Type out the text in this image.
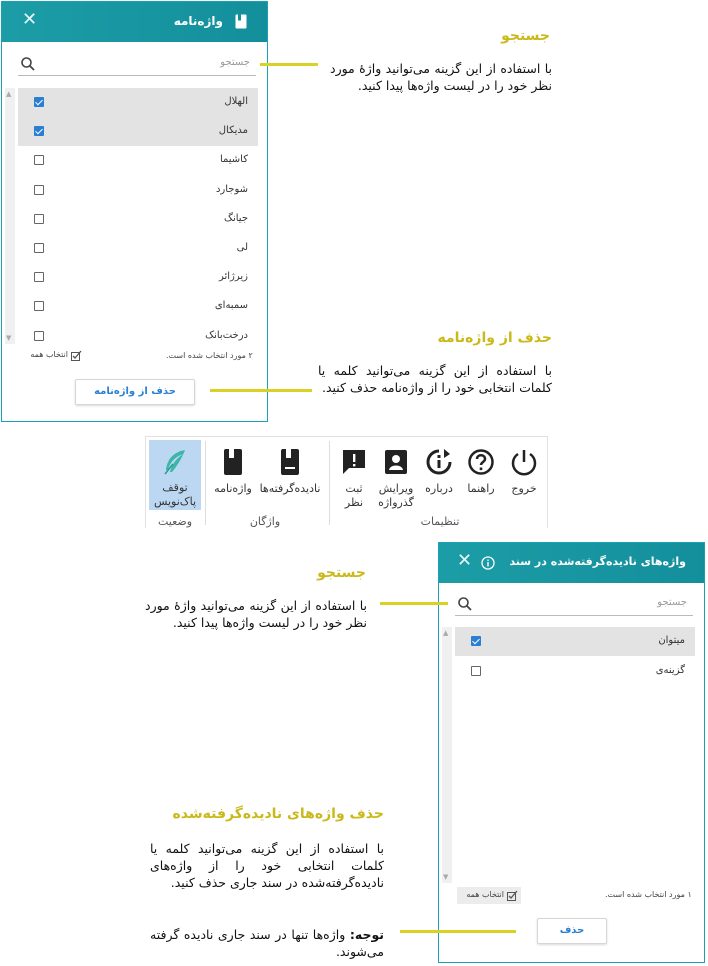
واژه‌نامه
✕
جستجو
▲
▼
الهلال
مدیکال
کاشیما
شوجارد
جیانگ
لی
زیرژائر
سمبه‌ای
درخت‌بانک
۲ مورد انتخاب شده است.
انتخاب همه
حذف از واژه‌نامه
جستجو
با استفاده از این گزینه می‌توانید واژهٔ مورد نظر خود را در لیست واژه‌ها پیدا کنید.
حذف از واژه‌نامه
با استفاده از این گزینه می‌توانید کلمه یا کلمات انتخابی خود را از واژه‌نامه حذف کنید.
توقف پاک‌نویس
واژه‌نامه نادیده‌گرفته‌ها	ثبت نظر
ویرایش گذرواژه
درباره	راهنما	خروج
وضعیت	واژگان	تنظیمات
واژه‌های نادیده‌گرفته‌شده در سند
✕
جستجو
▲
▼
میتوان
گزینه‌ی
۱ مورد انتخاب شده است.
انتخاب همه
حذف
جستجو
با استفاده از این گزینه می‌توانید واژهٔ مورد نظر خود را در لیست واژه‌ها پیدا کنید.
حذف واژه‌های نادیده‌گرفته‌شده
با استفاده از این گزینه می‌توانید کلمه یا کلمات انتخابی خود را از واژه‌های نادیده‌گرفته‌شده در سند جاری حذف کنید.
توجه: واژه‌ها تنها در سند جاری نادیده گرفته می‌شوند.
